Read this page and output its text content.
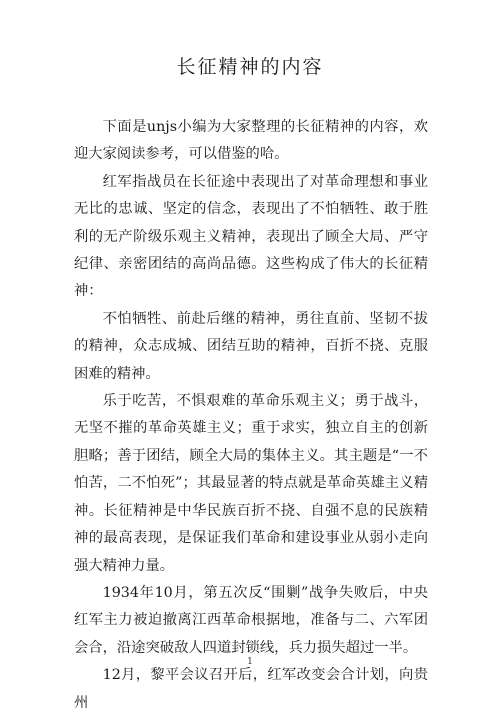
长征精神的内容

下面是unjs小编为大家整理的长征精神的内容，欢迎大家阅读参考，可以借鉴的哈。

红军指战员在长征途中表现出了对革命理想和事业无比的忠诚、坚定的信念，表现出了不怕牺牲、敢于胜利的无产阶级乐观主义精神，表现出了顾全大局、严守纪律、亲密团结的高尚品德。这些构成了伟大的长征精神：

不怕牺牲、前赴后继的精神，勇往直前、坚韧不拔的精神，众志成城、团结互助的精神，百折不挠、克服困难的精神。

乐于吃苦，不惧艰难的革命乐观主义；勇于战斗，无坚不摧的革命英雄主义；重于求实，独立自主的创新胆略；善于团结，顾全大局的集体主义。其主题是“一不怕苦，二不怕死”；其最显著的特点就是革命英雄主义精神。长征精神是中华民族百折不挠、自强不息的民族精神的最高表现，是保证我们革命和建设事业从弱小走向强大精神力量。

1934年10月，第五次反“围剿”战争失败后，中央红军主力被迫撤离江西革命根据地，准备与二、六军团会合，沿途突破敌人四道封锁线，兵力损失超过一半。

12月，黎平会议召开后，红军改变会合计划，向贵州

1
